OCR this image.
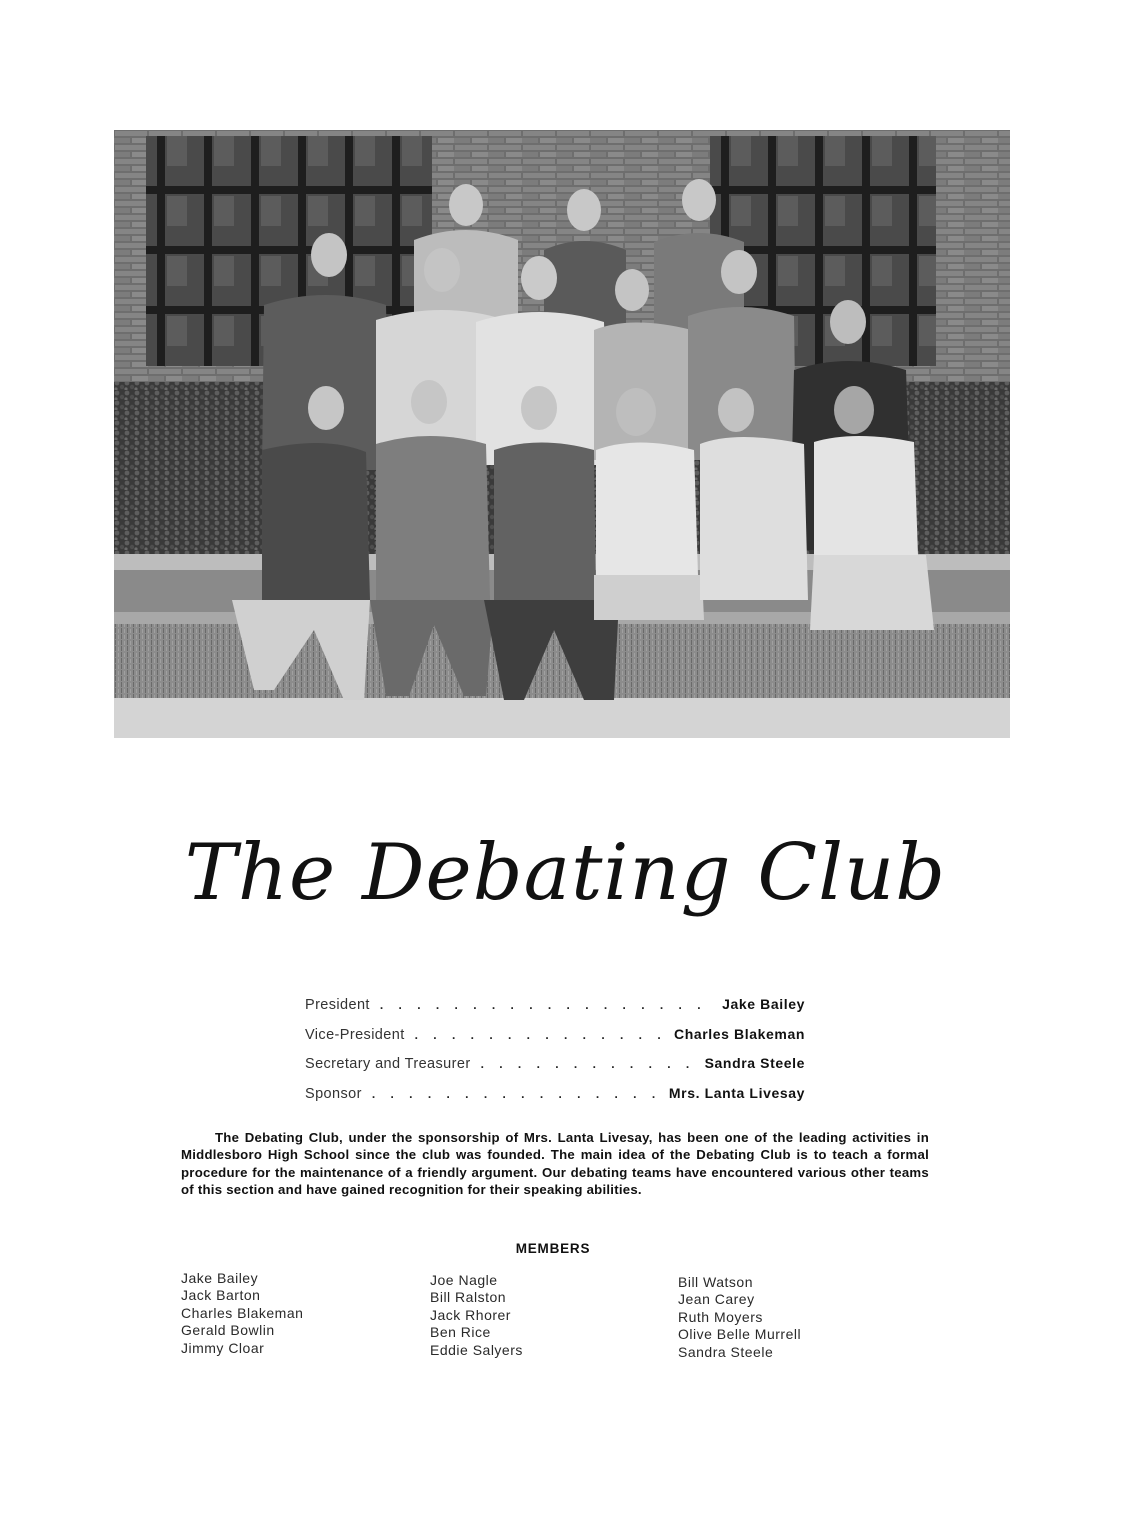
The Debating Club
President . . .	Jake Bailey
Vice-President . . .	Charles Blakeman
Secretary and Treasurer . . .	Sandra Steele
Sponsor . . .	Mrs. Lanta Livesay
The Debating Club, under the sponsorship of Mrs. Lanta Livesay, has been one of the leading activities in Middlesboro High School since the club was founded. The main idea of the Debating Club is to teach a formal procedure for the maintenance of a friendly argument. Our debating teams have encountered various other teams of this section and have gained recognition for their speaking abilities.
MEMBERS
Jake Bailey
Jack Barton
Charles Blakeman
Gerald Bowlin
Jimmy Cloar
Joe Nagle
Bill Ralston
Jack Rhorer
Ben Rice
Eddie Salyers
Bill Watson
Jean Carey
Ruth Moyers
Olive Belle Murrell
Sandra Steele
